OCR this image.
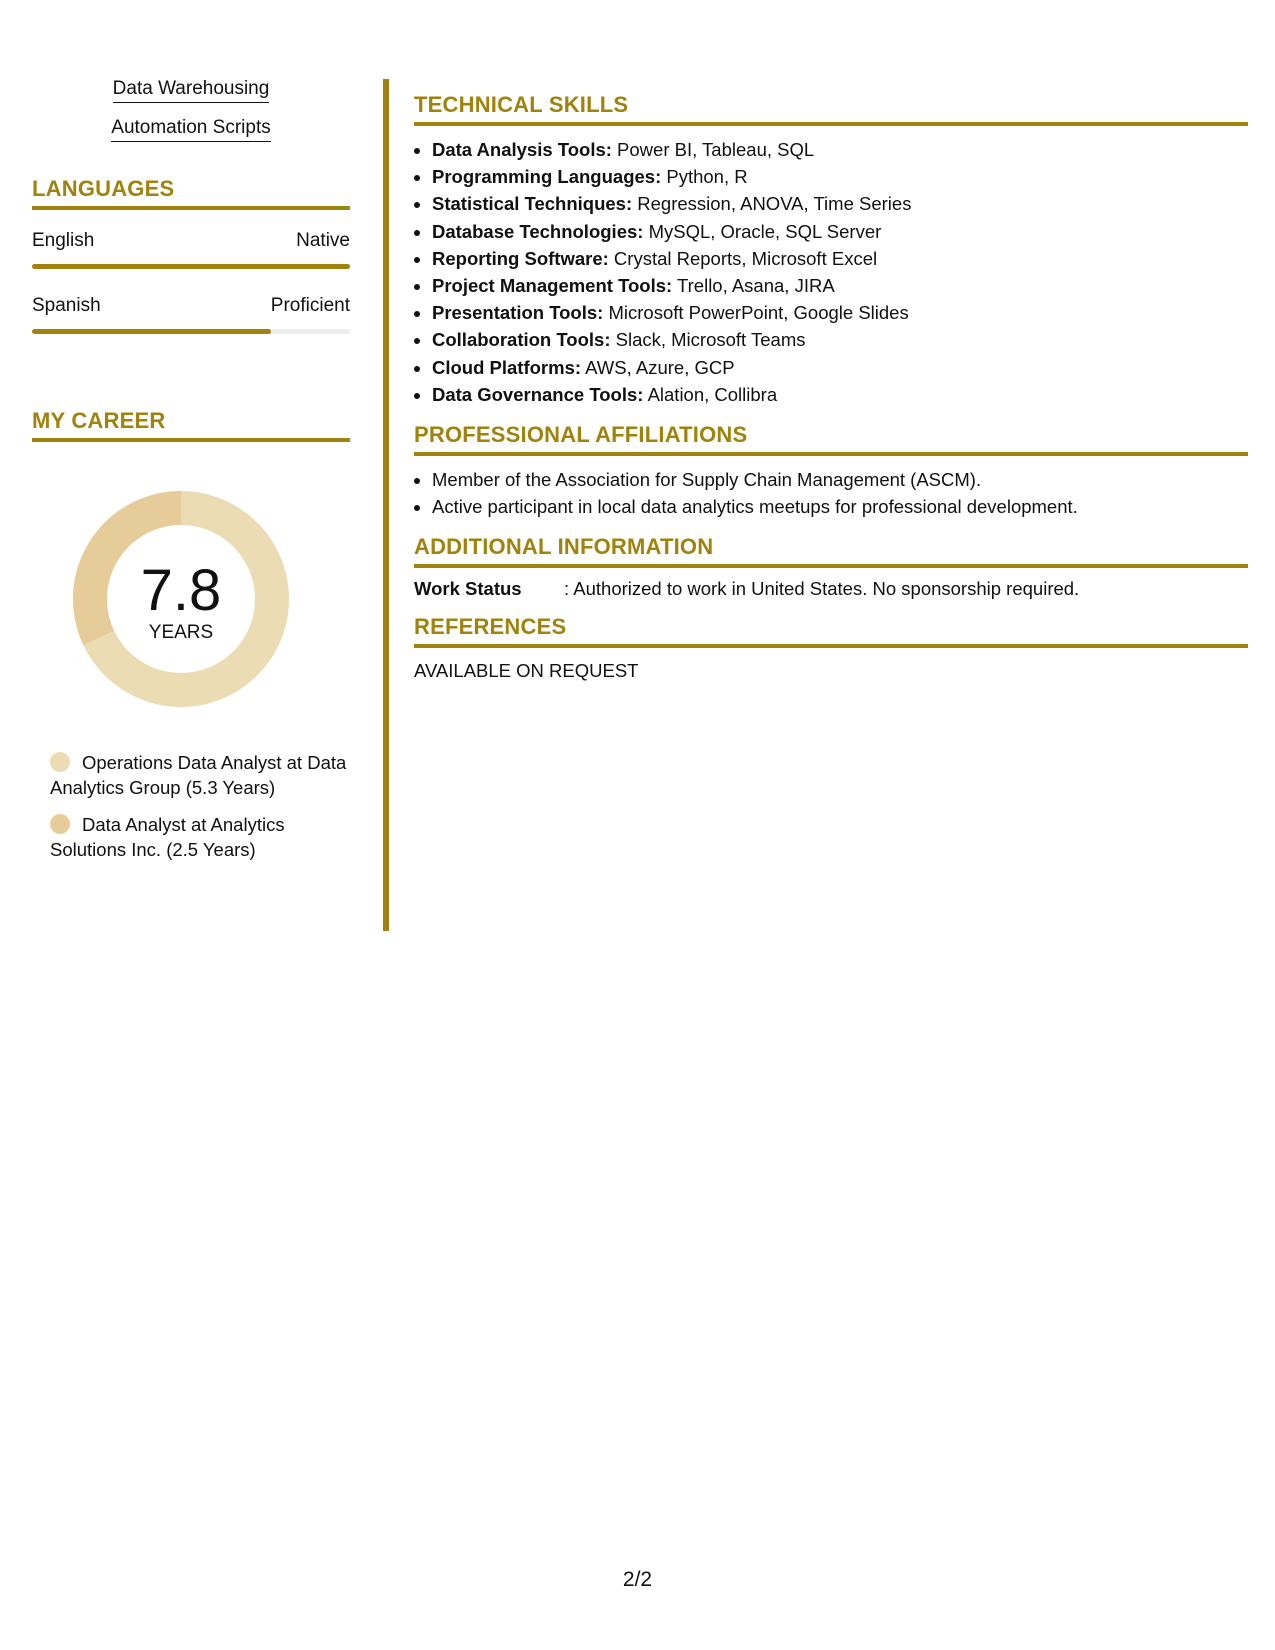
Data Warehousing
Automation Scripts
LANGUAGES
English	Native
Spanish	Proficient
MY CAREER
7.8
YEARS
Operations Data Analyst at Data Analytics Group (5.3 Years)
Data Analyst at Analytics Solutions Inc. (2.5 Years)
TECHNICAL SKILLS
• Data Analysis Tools: Power BI, Tableau, SQL
• Programming Languages: Python, R
• Statistical Techniques: Regression, ANOVA, Time Series
• Database Technologies: MySQL, Oracle, SQL Server
• Reporting Software: Crystal Reports, Microsoft Excel
• Project Management Tools: Trello, Asana, JIRA
• Presentation Tools: Microsoft PowerPoint, Google Slides
• Collaboration Tools: Slack, Microsoft Teams
• Cloud Platforms: AWS, Azure, GCP
• Data Governance Tools: Alation, Collibra
PROFESSIONAL AFFILIATIONS
• Member of the Association for Supply Chain Management (ASCM).
• Active participant in local data analytics meetups for professional development.
ADDITIONAL INFORMATION
Work Status	: Authorized to work in United States. No sponsorship required.
REFERENCES
AVAILABLE ON REQUEST
2/2
